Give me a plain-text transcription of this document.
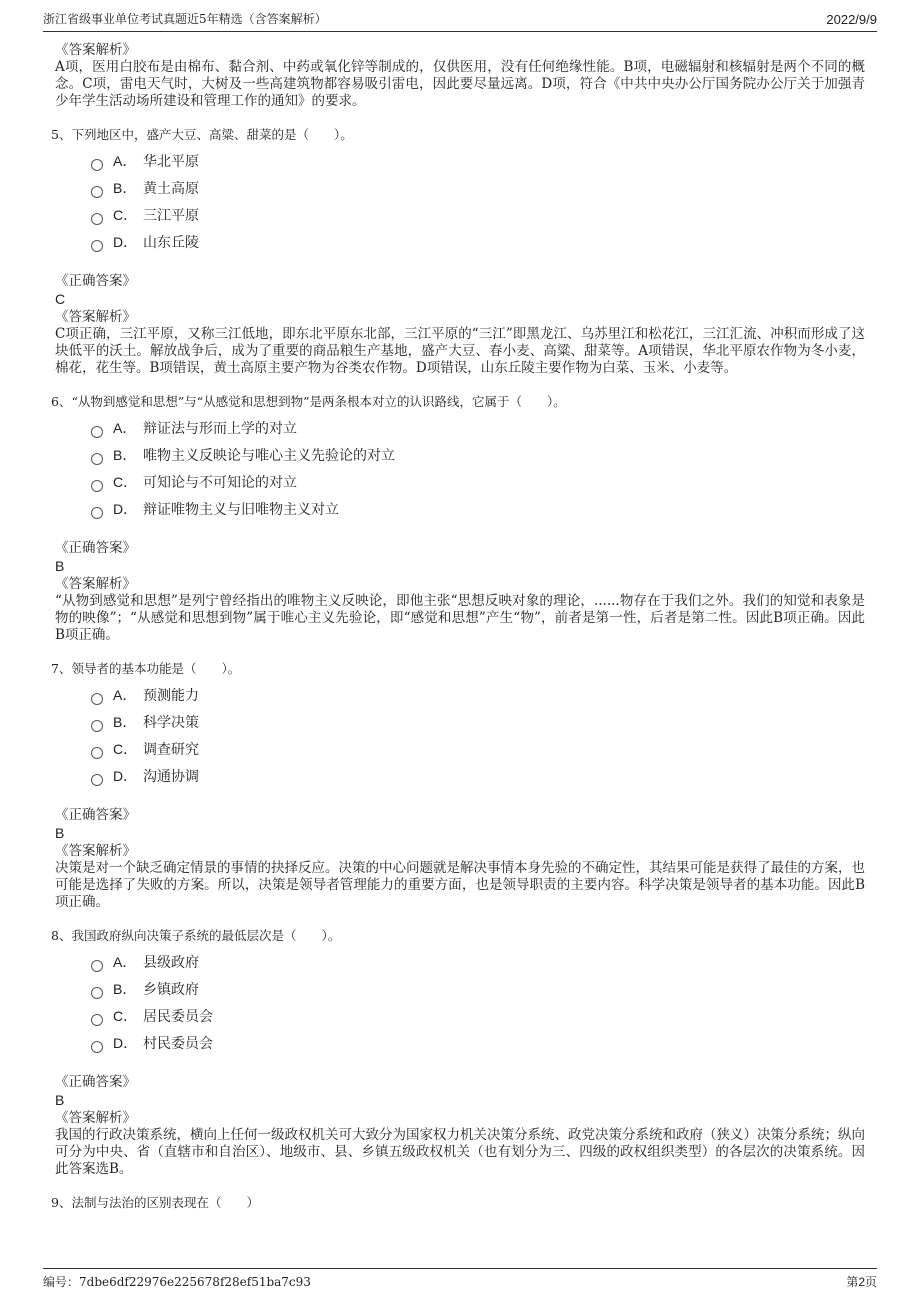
浙江省级事业单位考试真题近5年精选（含答案解析）	2022/9/9
《答案解析》
A项，医用白胶布是由棉布、黏合剂、中药或氧化锌等制成的，仅供医用，没有任何绝缘性能。B项，电磁辐射和核辐射是两个不同的概念。C项，雷电天气时，大树及一些高建筑物都容易吸引雷电，因此要尽量远离。D项，符合《中共中央办公厅国务院办公厅关于加强青少年学生活动场所建设和管理工作的通知》的要求。
5、下列地区中，盛产大豆、高粱、甜菜的是（　　）。
A． 华北平原
B． 黄土高原
C． 三江平原
D． 山东丘陵
《正确答案》
C
《答案解析》
C项正确，三江平原，又称三江低地，即东北平原东北部，三江平原的“三江”即黑龙江、乌苏里江和松花江，三江汇流、冲积而形成了这块低平的沃土。解放战争后，成为了重要的商品粮生产基地，盛产大豆、春小麦、高粱、甜菜等。A项错误，华北平原农作物为冬小麦，棉花，花生等。B项错误，黄土高原主要产物为谷类农作物。D项错误，山东丘陵主要作物为白菜、玉米、小麦等。
6、“从物到感觉和思想”与“从感觉和思想到物”是两条根本对立的认识路线，它属于（　　）。
A． 辩证法与形而上学的对立
B． 唯物主义反映论与唯心主义先验论的对立
C． 可知论与不可知论的对立
D． 辩证唯物主义与旧唯物主义对立
《正确答案》
B
《答案解析》
“从物到感觉和思想”是列宁曾经指出的唯物主义反映论，即他主张“思想反映对象的理论，......物存在于我们之外。我们的知觉和表象是物的映像”；“从感觉和思想到物”属于唯心主义先验论，即“感觉和思想”产生“物”，前者是第一性，后者是第二性。因此B项正确。因此B项正确。
7、领导者的基本功能是（　　）。
A． 预测能力
B． 科学决策
C． 调查研究
D． 沟通协调
《正确答案》
B
《答案解析》
决策是对一个缺乏确定情景的事情的抉择反应。决策的中心问题就是解决事情本身先验的不确定性，其结果可能是获得了最佳的方案，也可能是选择了失败的方案。所以，决策是领导者管理能力的重要方面，也是领导职责的主要内容。科学决策是领导者的基本功能。因此B项正确。
8、我国政府纵向决策子系统的最低层次是（　　）。
A． 县级政府
B． 乡镇政府
C． 居民委员会
D． 村民委员会
《正确答案》
B
《答案解析》
我国的行政决策系统，横向上任何一级政权机关可大致分为国家权力机关决策分系统、政党决策分系统和政府（狭义）决策分系统；纵向可分为中央、省（直辖市和自治区）、地级市、县、乡镇五级政权机关（也有划分为三、四级的政权组织类型）的各层次的决策系统。因此答案选B。
9、法制与法治的区别表现在（　　）
编号：7dbe6df22976e225678f28ef51ba7c93	第2页
